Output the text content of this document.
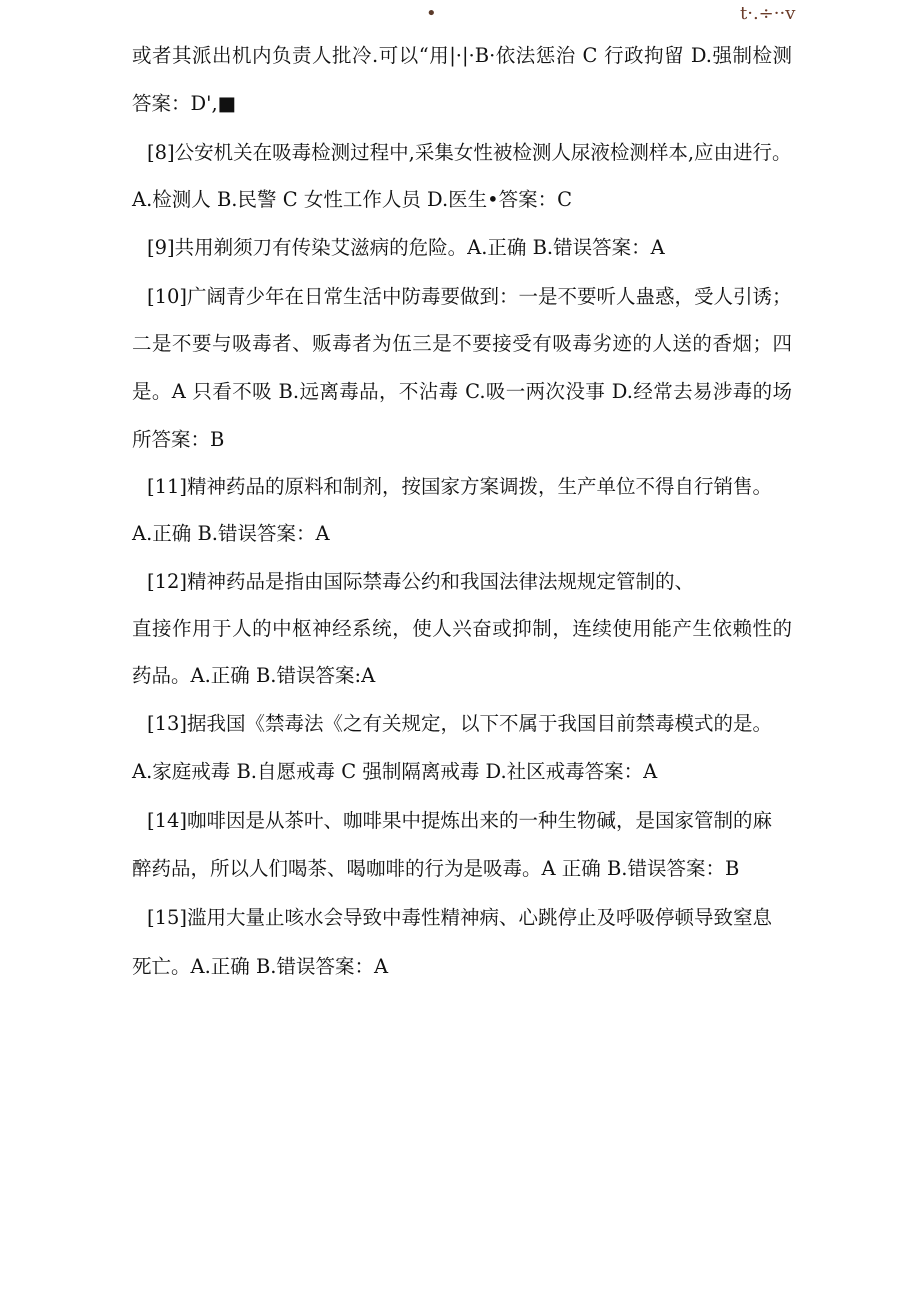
•	t·.÷··v
或者其派出机内负责人批冷.可以“用|·|·B·依法惩治 C 行政拘留 D.强制检测
答案：D',■
[8]公安机关在吸毒检测过程中,采集女性被检测人尿液检测样本,应由进行。
A.检测人 B.民警 C 女性工作人员 D.医生•答案：C
[9]共用剃须刀有传染艾滋病的危险。A.正确 B.错误答案：A
[10]广阔青少年在日常生活中防毒要做到：一是不要听人蛊惑，受人引诱；
二是不要与吸毒者、贩毒者为伍三是不要接受有吸毒劣迹的人送的香烟；四
是。A 只看不吸 B.远离毒品，不沾毒 C.吸一两次没事 D.经常去易涉毒的场
所答案：B
[11]精神药品的原料和制剂，按国家方案调拨，生产单位不得自行销售。
A.正确 B.错误答案：A
[12]精神药品是指由国际禁毒公约和我国法律法规规定管制的、
直接作用于人的中枢神经系统，使人兴奋或抑制，连续使用能产生依赖性的
药品。A.正确 B.错误答案:A
[13]据我国《禁毒法《之有关规定，以下不属于我国目前禁毒模式的是。
A.家庭戒毒 B.自愿戒毒 C 强制隔离戒毒 D.社区戒毒答案：A
[14]咖啡因是从茶叶、咖啡果中提炼出来的一种生物碱，是国家管制的麻
醉药品，所以人们喝茶、喝咖啡的行为是吸毒。A 正确 B.错误答案：B
[15]滥用大量止咳水会导致中毒性精神病、心跳停止及呼吸停顿导致窒息
死亡。A.正确 B.错误答案：A
